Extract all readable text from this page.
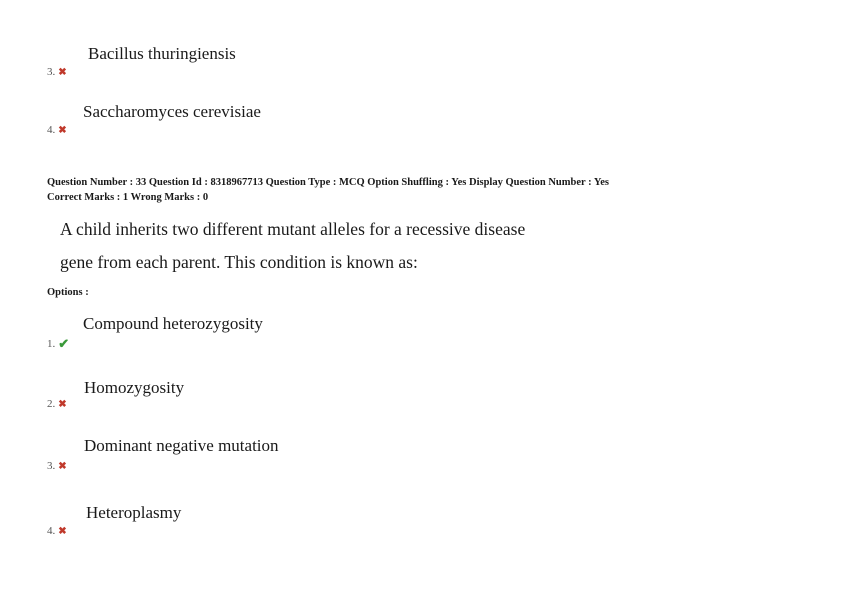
Bacillus thuringiensis
3. ✖
Saccharomyces cerevisiae
4. ✖
Question Number : 33 Question Id : 8318967713 Question Type : MCQ Option Shuffling : Yes Display Question Number : Yes
Correct Marks : 1 Wrong Marks : 0
A child inherits two different mutant alleles for a recessive disease
gene from each parent. This condition is known as:
Options :
Compound heterozygosity
1. ✔
Homozygosity
2. ✖
Dominant negative mutation
3. ✖
Heteroplasmy
4. ✖
